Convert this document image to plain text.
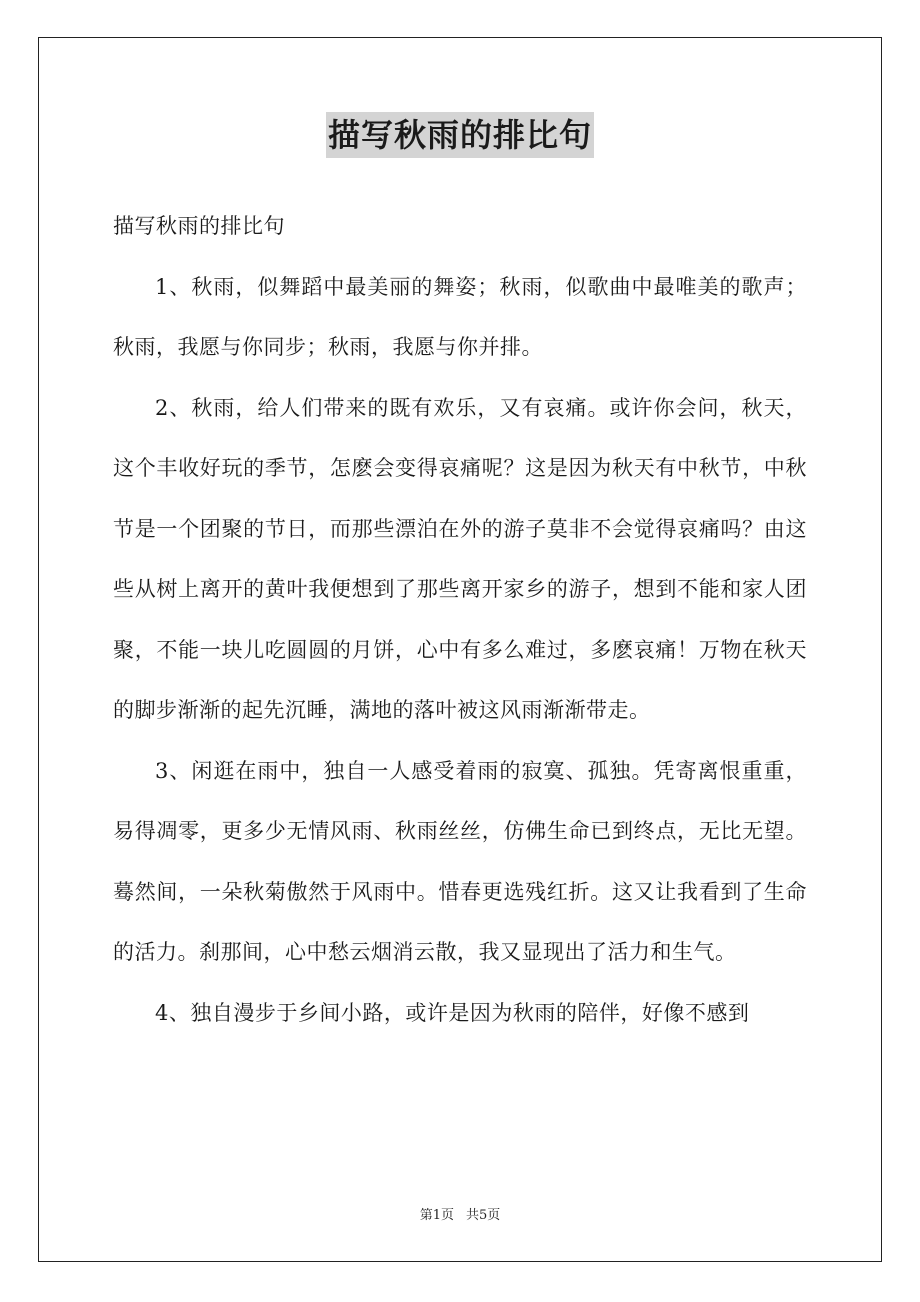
描写秋雨的排比句

描写秋雨的排比句

1、秋雨，似舞蹈中最美丽的舞姿；秋雨，似歌曲中最唯美的歌声；秋雨，我愿与你同步；秋雨，我愿与你并排。

2、秋雨，给人们带来的既有欢乐，又有哀痛。或许你会问，秋天，这个丰收好玩的季节，怎麽会变得哀痛呢？这是因为秋天有中秋节，中秋节是一个团聚的节日，而那些漂泊在外的游子莫非不会觉得哀痛吗？由这些从树上离开的黄叶我便想到了那些离开家乡的游子，想到不能和家人团聚，不能一块儿吃圆圆的月饼，心中有多么难过，多麽哀痛！万物在秋天的脚步渐渐的起先沉睡，满地的落叶被这风雨渐渐带走。

3、闲逛在雨中，独自一人感受着雨的寂寞、孤独。凭寄离恨重重，易得凋零，更多少无情风雨、秋雨丝丝，仿佛生命已到终点，无比无望。蓦然间，一朵秋菊傲然于风雨中。惜春更选残红折。这又让我看到了生命的活力。刹那间，心中愁云烟消云散，我又显现出了活力和生气。

4、独自漫步于乡间小路，或许是因为秋雨的陪伴，好像不感到

第1页 共5页
